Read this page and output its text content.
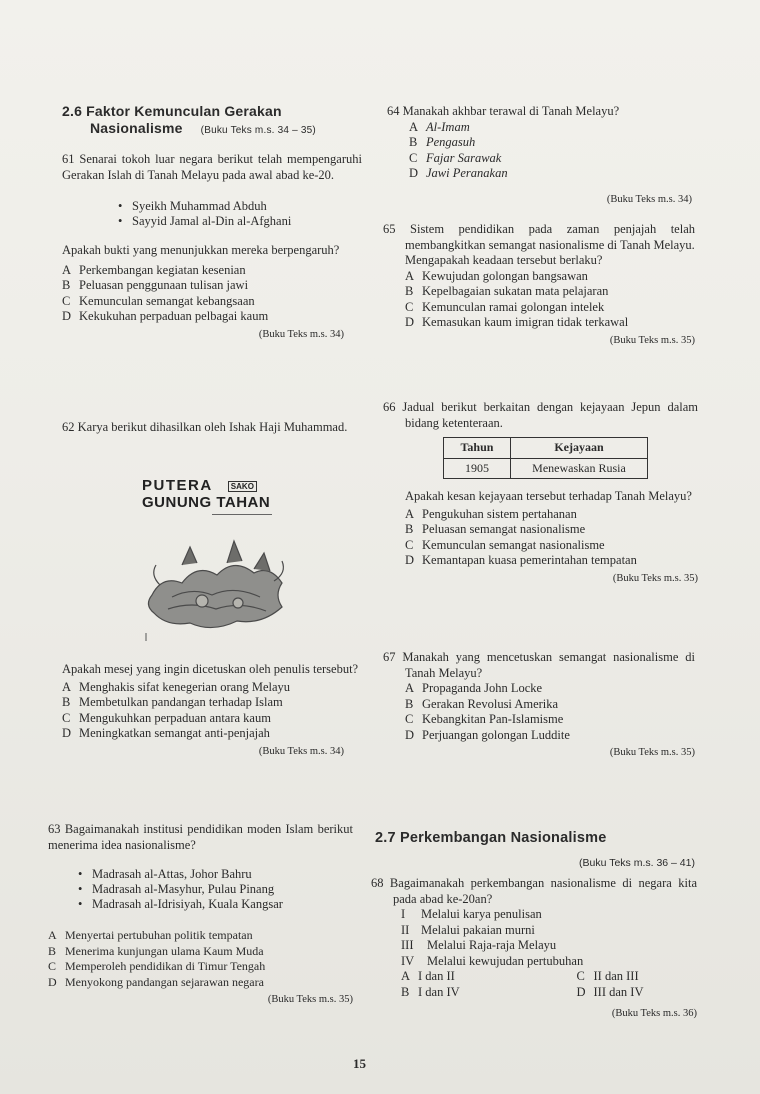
2.6 Faktor Kemunculan Gerakan
Nasionalisme (Buku Teks m.s. 34 – 35)

61 Senarai tokoh luar negara berikut telah mempengaruhi Gerakan Islah di Tanah Melayu pada awal abad ke-20.

• Syeikh Muhammad Abduh
• Sayyid Jamal al-Din al-Afghani

Apakah bukti yang menunjukkan mereka berpengaruh?

A Perkembangan kegiatan kesenian
B Peluasan penggunaan tulisan jawi
C Kemunculan semangat kebangsaan
D Kekukuhan perpaduan pelbagai kaum
(Buku Teks m.s. 34)

62 Karya berikut dihasilkan oleh Ishak Haji Muhammad.

PUTERA SAKO
GUNUNG TAHAN

Apakah mesej yang ingin dicetuskan oleh penulis tersebut?

A Menghakis sifat kenegerian orang Melayu
B Membetulkan pandangan terhadap Islam
C Mengukuhkan perpaduan antara kaum
D Meningkatkan semangat anti-penjajah
(Buku Teks m.s. 34)

63 Bagaimanakah institusi pendidikan moden Islam berikut menerima idea nasionalisme?

• Madrasah al-Attas, Johor Bahru
• Madrasah al-Masyhur, Pulau Pinang
• Madrasah al-Idrisiyah, Kuala Kangsar
A Menyertai pertubuhan politik tempatan
B Menerima kunjungan ulama Kaum Muda
C Memperoleh pendidikan di Timur Tengah
D Menyokong pandangan sejarawan negara
(Buku Teks m.s. 35)

64 Manakah akhbar terawal di Tanah Melayu?

A Al-Imam
B Pengasuh
C Fajar Sarawak
D Jawi Peranakan
(Buku Teks m.s. 34)

65 Sistem pendidikan pada zaman penjajah telah membangkitkan semangat nasionalisme di Tanah Melayu.

Mengapakah keadaan tersebut berlaku?

A Kewujudan golongan bangsawan
B Kepelbagaian sukatan mata pelajaran
C Kemunculan ramai golongan intelek
D Kemasukan kaum imigran tidak terkawal
(Buku Teks m.s. 35)

66 Jadual berikut berkaitan dengan kejayaan Jepun dalam bidang ketenteraan.

Tahun	Kejayaan
1905	Menewaskan Rusia

Apakah kesan kejayaan tersebut terhadap Tanah Melayu?

A Pengukuhan sistem pertahanan
B Peluasan semangat nasionalisme
C Kemunculan semangat nasionalisme
D Kemantapan kuasa pemerintahan tempatan
(Buku Teks m.s. 35)

67 Manakah yang mencetuskan semangat nasionalisme di Tanah Melayu?

A Propaganda John Locke
B Gerakan Revolusi Amerika
C Kebangkitan Pan-Islamisme
D Perjuangan golongan Luddite
(Buku Teks m.s. 35)
2.7 Perkembangan Nasionalisme
(Buku Teks m.s. 36 – 41)

68 Bagaimanakah perkembangan nasionalisme di negara kita pada abad ke-20an?

I	Melalui karya penulisan
II Melalui pakaian murni
III	Melalui Raja-raja Melayu
IV	Melalui kewujudan pertubuhan
A I dan II	C II dan III
B I dan IV	D III dan IV
(Buku Teks m.s. 36)
15
